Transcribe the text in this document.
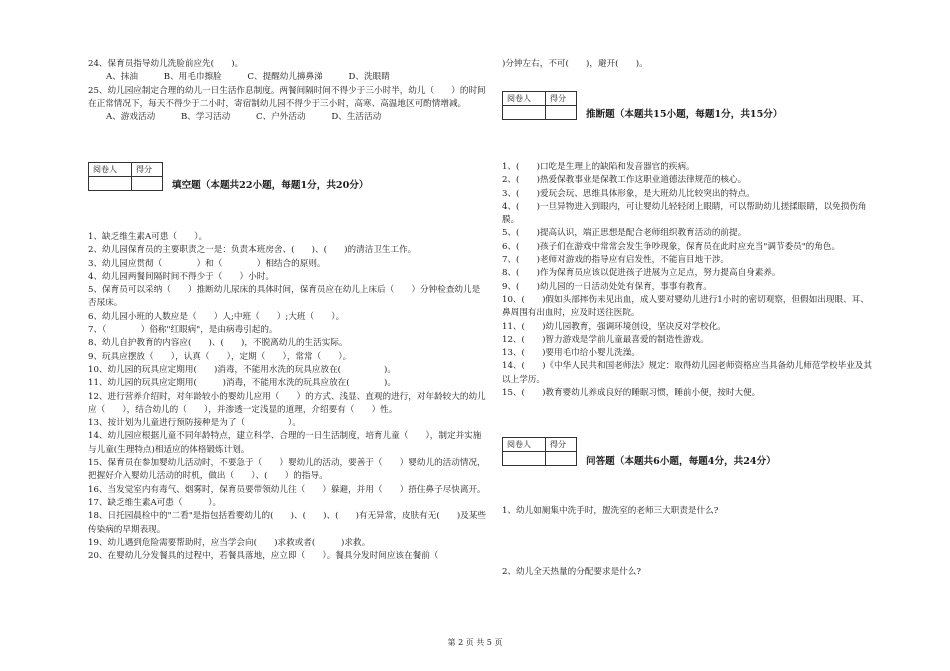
24、保育员指导幼儿洗脸前应先(　　)。
A、抹油　　　B、用毛巾擦脸　　　C、提醒幼儿擤鼻涕　　　D、洗眼睛
25、幼儿园应制定合理的幼儿一日生活作息制度。两餐间隔时间不得少于三小时半，幼儿（　　）的时间在正常情况下，每天不得少于二小时，寄宿制幼儿园不得少于三小时，高寒、高温地区可酌情增减。
A、游戏活动　　　B、学习活动　　　C、户外活动　　　D、生活活动
阅卷人	得分

填空题（本题共22小题，每题1分，共20分）
1、缺乏维生素A可患（　　）。
2、幼儿园保育员的主要职责之一是：负责本班房舍、(　　)、(　　)的清洁卫生工作。
3、幼儿园应贯彻（　　　　）和（　　　　）相结合的原则。
4、幼儿园两餐间隔时间不得少于（　　）小时。
5、保育员可以采纳（　　）推断幼儿尿床的具体时间，保育员应在幼儿上床后（　　）分钟检查幼儿是否尿床。
6、幼儿园小班的人数应是（　　）人;中班（　　）;大班（　　）。
7、（　　　　）俗称"红眼病"，是由病毒引起的。
8、幼儿自护教育的内容应(　　)、(　　)，不脱离幼儿的生活实际。
9、玩具应摆放（　　），认真（　　），定期（　　），常常（　　）。
10、幼儿园的玩具应定期用(　　)消毒，不能用水洗的玩具应放在(　　　　　)。
11、幼儿园的玩具应定期用(　　　)消毒，不能用水洗的玩具应放在(　　　　)。
12、进行营养介绍时，对年龄较小的婴幼儿应用（　　）的方式、浅显、直观的进行，对年龄较大的幼儿应（　　），结合幼儿的（　　），并渗透一定浅显的道理，介绍要有（　　）性。
13、按计划为儿童进行预防接种是为了（　　　　　）。
14、幼儿园应根据儿童不同年龄特点，建立科学、合理的一日生活制度，培育儿童（　　），制定并实施与儿童(生理特点)相适应的体格锻炼计划。
15、保育员在参加婴幼儿活动时，不要急于（　　）婴幼儿的活动，要善于（　　）婴幼儿的活动情况，把握好介入婴幼儿活动的时机，做出（　　）、(　　）的指导。
16、当发觉室内有毒气、烟雾时，保育员要带领幼儿往（　　）躲避，并用（　　）捂住鼻子尽快离开。
17、缺乏维生素A可患（　　　）。
18、日托园晨检中的"二看"是指包括看婴幼儿的(　　)、(　　)、(　　)有无异常，皮肤有无(　　)及某些传染病的早期表现。
19、幼儿遇到危险需要帮助时，应当学会向(　　)求救或者(　　　)求救。
20、在婴幼儿分发餐具的过程中，若餐具落地，应立即（　　）。餐具分发时间应该在餐前（
)分钟左右，不可(　　)，避开(　　)。
阅卷人	得分

推断题（本题共15小题，每题1分，共15分）
1、(　　)口吃是生理上的缺陷和发音器官的疾病。
2、(　　)热爱保教事业是保教工作这职业道德法律规范的核心。
3、(　　)爱玩会玩、思维具体形象，是大班幼儿比较突出的特点。
4、(　　)一旦异物进入到眼内，可让婴幼儿轻轻闭上眼睛，可以帮助幼儿搓揉眼睛，以免损伤角膜。
5、(　　)提高认识，端正思想是配合老师组织教育活动的前提。
6、(　　)孩子们在游戏中常常会发生争吵现象，保育员在此时应充当"调节委员"的角色。
7、(　　)老师对游戏的指导应有启发性，不能盲目地干涉。
8、(　　)作为保育员应该以促进孩子进展为立足点，努力提高自身素养。
9、(　　)幼儿园的一日活动处处有保育，事事有教育。
10、(　　)假如头部摔伤未见出血，成人要对婴幼儿进行1小时的密切观察，但假如出现眼、耳、鼻周围有出血时，应及时送往医院。
11、(　　)幼儿园教育，强调环境创设，坚决反对学校化。
12、(　　)智力游戏是学前儿童最喜爱的制造性游戏。
13、(　　)要用毛巾给小婴儿洗澡。
14、(　　)《中华人民共和国老师法》规定：取得幼儿园老师资格应当具备幼儿师范学校毕业及其以上学历。
15、(　　)教育婴幼儿养成良好的睡眠习惯，睡前小便，按时大便。
阅卷人	得分

问答题（本题共6小题，每题4分，共24分）
1、幼儿如厕集中洗手时，盥洗室的老师三大职责是什么?
2、幼儿全天热量的分配要求是什么?
第 2 页 共 5 页
